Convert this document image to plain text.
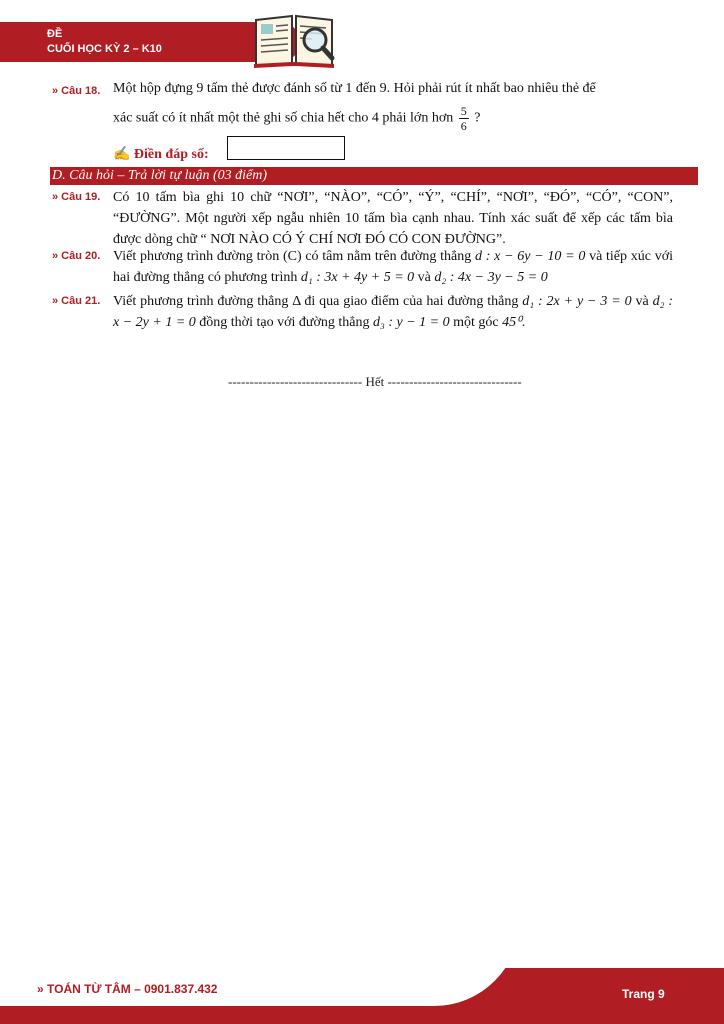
ĐỀ
CUỐI HỌC KỲ 2 – K10
» Câu 18. Một hộp đựng 9 tấm thẻ được đánh số từ 1 đến 9. Hỏi phải rút ít nhất bao nhiêu thẻ để
xác suất có ít nhất một thẻ ghi số chia hết cho 4 phải lớn hơn $\frac{5}{6}$ ?
✍ Điền đáp số:
D. Câu hỏi – Trả lời tự luận (03 điểm)
» Câu 19. Có 10 tấm bìa ghi 10 chữ “NƠI”, “NÀO”, “CÓ”, “Ý”, “CHÍ”, “NƠI”, “ĐÓ”, “CÓ”, “CON”, “ĐƯỜNG”. Một người xếp ngẫu nhiên 10 tấm bìa cạnh nhau. Tính xác suất để xếp các tấm bìa được dòng chữ “ NƠI NÀO CÓ Ý CHÍ NƠI ĐÓ CÓ CON ĐƯỜNG”.
» Câu 20. Viết phương trình đường tròn (C) có tâm nằm trên đường thẳng d : x − 6y − 10 = 0 và tiếp xúc với hai đường thẳng có phương trình d₁ : 3x + 4y + 5 = 0 và d₂ : 4x − 3y − 5 = 0
» Câu 21. Viết phương trình đường thẳng Δ đi qua giao điểm của hai đường thẳng d₁ : 2x + y − 3 = 0 và d₂ : x − 2y + 1 = 0 đồng thời tạo với đường thẳng d₃ : y − 1 = 0 một góc 45⁰.
------------------------------- Hết -------------------------------
» TOÁN TỪ TÂM – 0901.837.432	Trang 9
